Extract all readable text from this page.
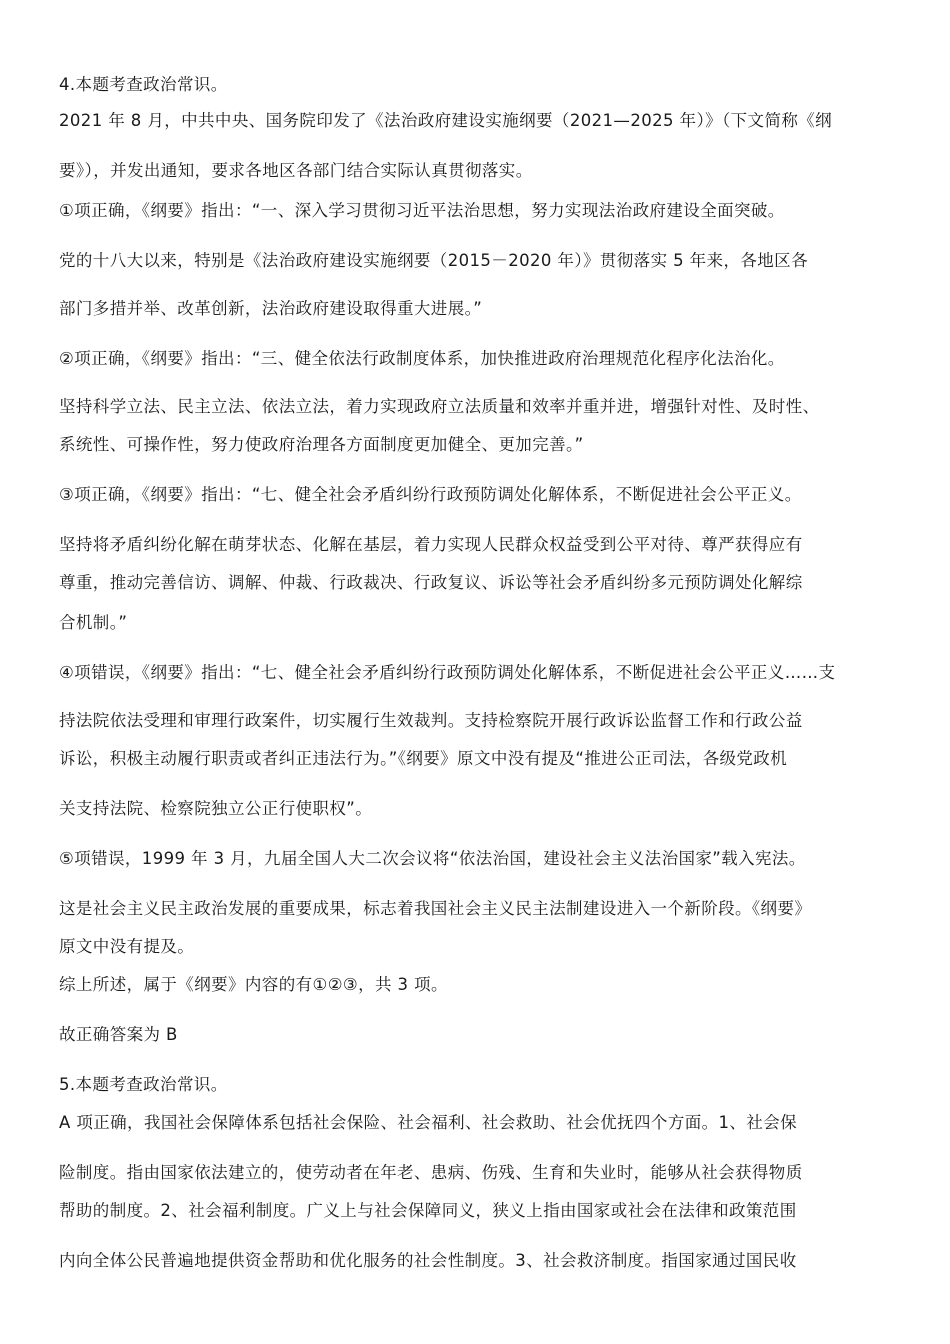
4.本题考查政治常识。
2021 年 8 月，中共中央、国务院印发了《法治政府建设实施纲要（2021—2025 年）》（下文简称《纲
要》），并发出通知，要求各地区各部门结合实际认真贯彻落实。
①项正确，《纲要》指出：“一、深入学习贯彻习近平法治思想，努力实现法治政府建设全面突破。
党的十八大以来，特别是《法治政府建设实施纲要（2015－2020 年）》贯彻落实 5 年来，各地区各
部门多措并举、改革创新，法治政府建设取得重大进展。”
②项正确，《纲要》指出：“三、健全依法行政制度体系，加快推进政府治理规范化程序化法治化。
坚持科学立法、民主立法、依法立法，着力实现政府立法质量和效率并重并进，增强针对性、及时性、
系统性、可操作性，努力使政府治理各方面制度更加健全、更加完善。”
③项正确，《纲要》指出：“七、健全社会矛盾纠纷行政预防调处化解体系，不断促进社会公平正义。
坚持将矛盾纠纷化解在萌芽状态、化解在基层，着力实现人民群众权益受到公平对待、尊严获得应有
尊重，推动完善信访、调解、仲裁、行政裁决、行政复议、诉讼等社会矛盾纠纷多元预防调处化解综
合机制。”
④项错误，《纲要》指出：“七、健全社会矛盾纠纷行政预防调处化解体系，不断促进社会公平正义……支
持法院依法受理和审理行政案件，切实履行生效裁判。支持检察院开展行政诉讼监督工作和行政公益
诉讼，积极主动履行职责或者纠正违法行为。”《纲要》原文中没有提及“推进公正司法，各级党政机
关支持法院、检察院独立公正行使职权”。
⑤项错误，1999 年 3 月，九届全国人大二次会议将“依法治国，建设社会主义法治国家”载入宪法。
这是社会主义民主政治发展的重要成果，标志着我国社会主义民主法制建设进入一个新阶段。《纲要》
原文中没有提及。
综上所述，属于《纲要》内容的有①②③，共 3 项。
故正确答案为 B
5.本题考查政治常识。
A 项正确，我国社会保障体系包括社会保险、社会福利、社会救助、社会优抚四个方面。1、社会保
险制度。指由国家依法建立的，使劳动者在年老、患病、伤残、生育和失业时，能够从社会获得物质
帮助的制度。2、社会福利制度。广义上与社会保障同义，狭义上指由国家或社会在法律和政策范围
内向全体公民普遍地提供资金帮助和优化服务的社会性制度。3、社会救济制度。指国家通过国民收
